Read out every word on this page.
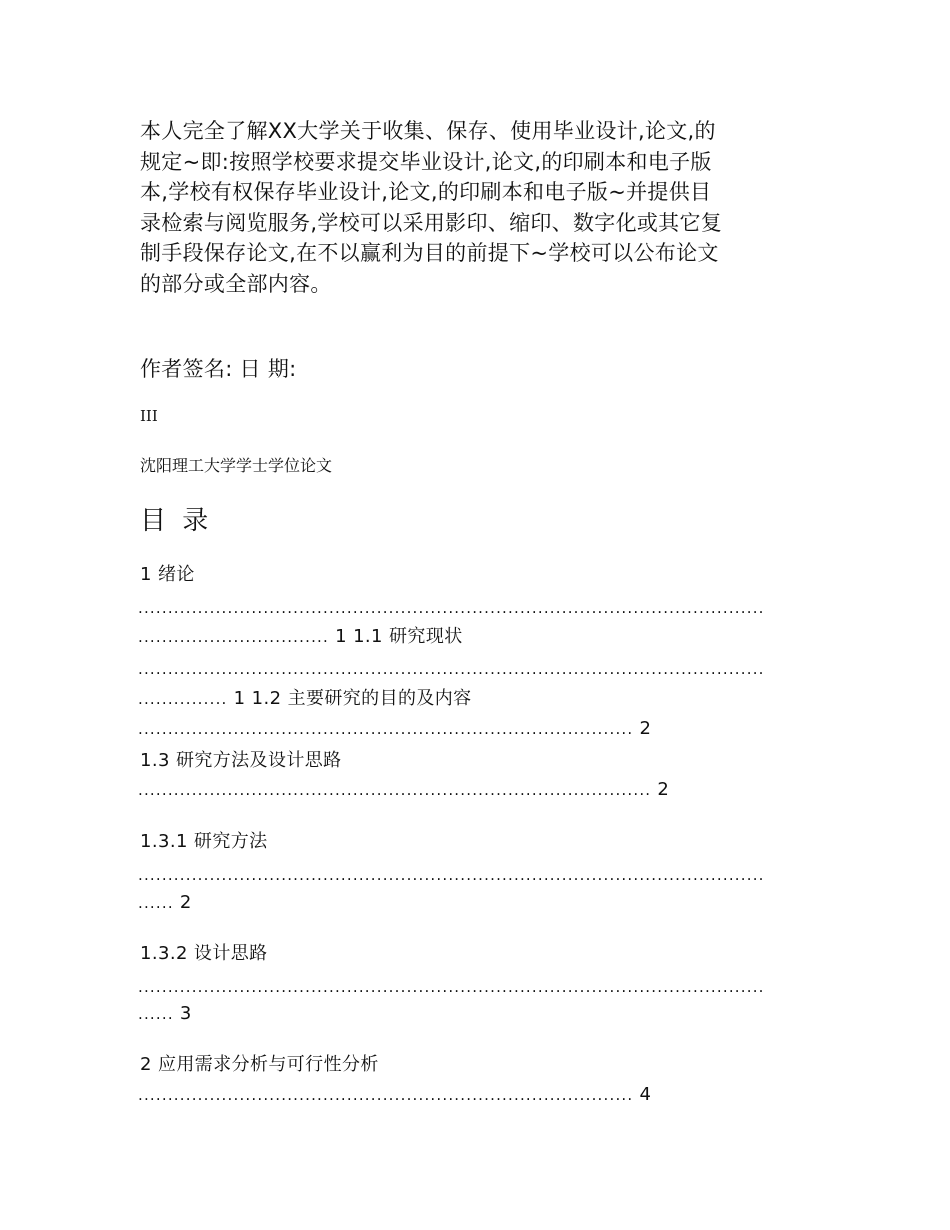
本人完全了解XX大学关于收集、保存、使用毕业设计,论文,的
规定~即:按照学校要求提交毕业设计,论文,的印刷本和电子版
本,学校有权保存毕业设计,论文,的印刷本和电子版~并提供目
录检索与阅览服务,学校可以采用影印、缩印、数字化或其它复
制手段保存论文,在不以赢利为目的前提下~学校可以公布论文
的部分或全部内容。
作者签名: 日 期:
III
沈阳理工大学学士学位论文
目 录
1 绪论
.........................................................................................................
................................ 1 1.1 研究现状
.........................................................................................................
............... 1 1.2 主要研究的目的及内容
................................................................................... 2
1.3 研究方法及设计思路
...................................................................................... 2
1.3.1 研究方法
.........................................................................................................
...... 2
1.3.2 设计思路
.........................................................................................................
...... 3
2 应用需求分析与可行性分析
................................................................................... 4
